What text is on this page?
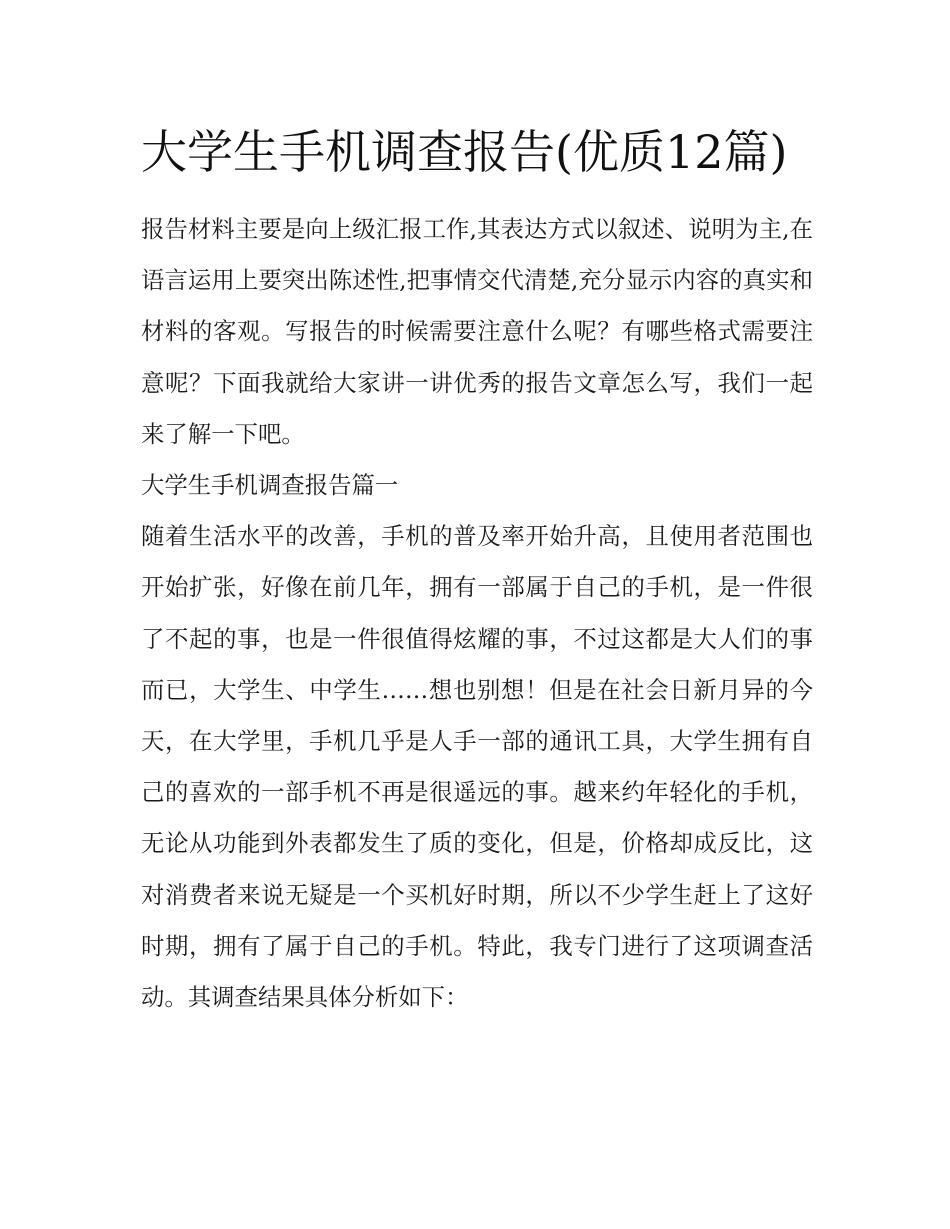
大学生手机调查报告(优质12篇)

报告材料主要是向上级汇报工作,其表达方式以叙述、说明为主,在语言运用上要突出陈述性,把事情交代清楚,充分显示内容的真实和材料的客观。写报告的时候需要注意什么呢？有哪些格式需要注意呢？下面我就给大家讲一讲优秀的报告文章怎么写，我们一起来了解一下吧。

大学生手机调查报告篇一

随着生活水平的改善，手机的普及率开始升高，且使用者范围也开始扩张，好像在前几年，拥有一部属于自己的手机，是一件很了不起的事，也是一件很值得炫耀的事，不过这都是大人们的事而已，大学生、中学生……想也别想！但是在社会日新月异的今天，在大学里，手机几乎是人手一部的通讯工具，大学生拥有自己的喜欢的一部手机不再是很遥远的事。越来约年轻化的手机，无论从功能到外表都发生了质的变化，但是，价格却成反比，这对消费者来说无疑是一个买机好时期，所以不少学生赶上了这好时期，拥有了属于自己的手机。特此，我专门进行了这项调查活动。其调查结果具体分析如下：
